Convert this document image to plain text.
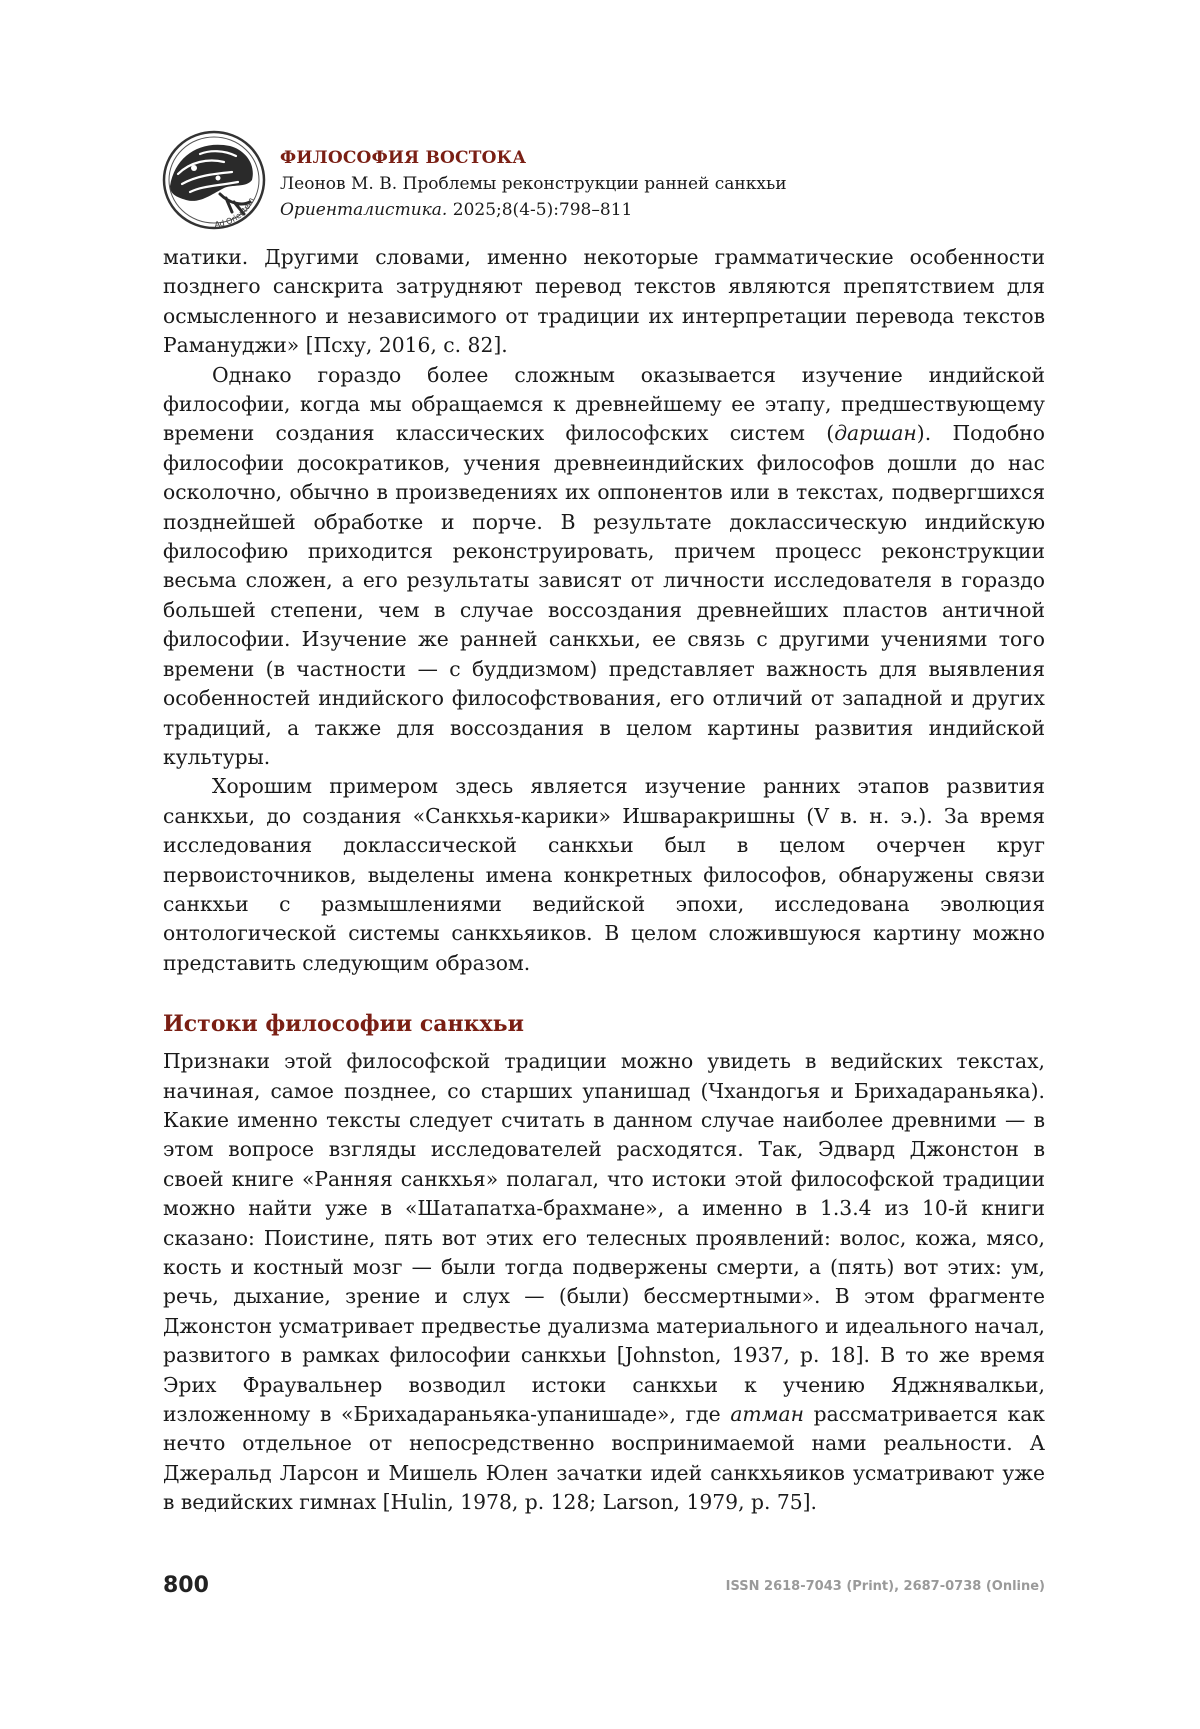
Ad Orientem
ФИЛОСОФИЯ ВОСТОКА
Леонов М. В. Проблемы реконструкции ранней санкхьи
Ориенталистика. 2025;8(4-5):798–811

матики. Другими словами, именно некоторые грамматические особенности позднего санскрита затрудняют перевод текстов являются препятствием для осмысленного и независимого от традиции их интерпретации перевода текстов Рамануджи» [Псху, 2016, с. 82].

Однако гораздо более сложным оказывается изучение индийской философии, когда мы обращаемся к древнейшему ее этапу, предшествующему времени создания классических философских систем (даршан). Подобно философии досократиков, учения древнеиндийских философов дошли до нас осколочно, обычно в произведениях их оппонентов или в текстах, подвергшихся позднейшей обработке и порче. В результате доклассическую индийскую философию приходится реконструировать, причем процесс реконструкции весьма сложен, а его результаты зависят от личности исследователя в гораздо большей степени, чем в случае воссоздания древнейших пластов античной философии. Изучение же ранней санкхьи, ее связь с другими учениями того времени (в частности — с буддизмом) представляет важность для выявления особенностей индийского философствования, его отличий от западной и других традиций, а также для воссоздания в целом картины развития индийской культуры.

Хорошим примером здесь является изучение ранних этапов развития санкхьи, до создания «Санкхья-карики» Ишваракришны (V в. н. э.). За время исследования доклассической санкхьи был в целом очерчен круг первоисточников, выделены имена конкретных философов, обнаружены связи санкхьи с размышлениями ведийской эпохи, исследована эволюция онтологической системы санкхьяиков. В целом сложившуюся картину можно представить следующим образом.

Истоки философии санкхьи

Признаки этой философской традиции можно увидеть в ведийских текстах, начиная, самое позднее, со старших упанишад (Чхандогья и Брихадараньяка). Какие именно тексты следует считать в данном случае наиболее древними — в этом вопросе взгляды исследователей расходятся. Так, Эдвард Джонстон в своей книге «Ранняя санкхья» полагал, что истоки этой философской традиции можно найти уже в «Шатапатха-брахмане», а именно в 1.3.4 из 10-й книги сказано: Поистине, пять вот этих его телесных проявлений: волос, кожа, мясо, кость и костный мозг — были тогда подвержены смерти, а (пять) вот этих: ум, речь, дыхание, зрение и слух — (были) бессмертными». В этом фрагменте Джонстон усматривает предвестье дуализма материального и идеального начал, развитого в рамках философии санкхьи [Johnston, 1937, p. 18]. В то же время Эрих Фраувальнер возводил истоки санкхьи к учению Яджнявалкьи, изложенному в «Брихадараньяка-упанишаде», где атман рассматривается как нечто отдельное от непосредственно воспринимаемой нами реальности. А Джеральд Ларсон и Мишель Юлен зачатки идей санкхьяиков усматривают уже в ведийских гимнах [Hulin, 1978, p. 128; Larson, 1979, p. 75].

800	ISSN 2618-7043 (Print), 2687-0738 (Online)
